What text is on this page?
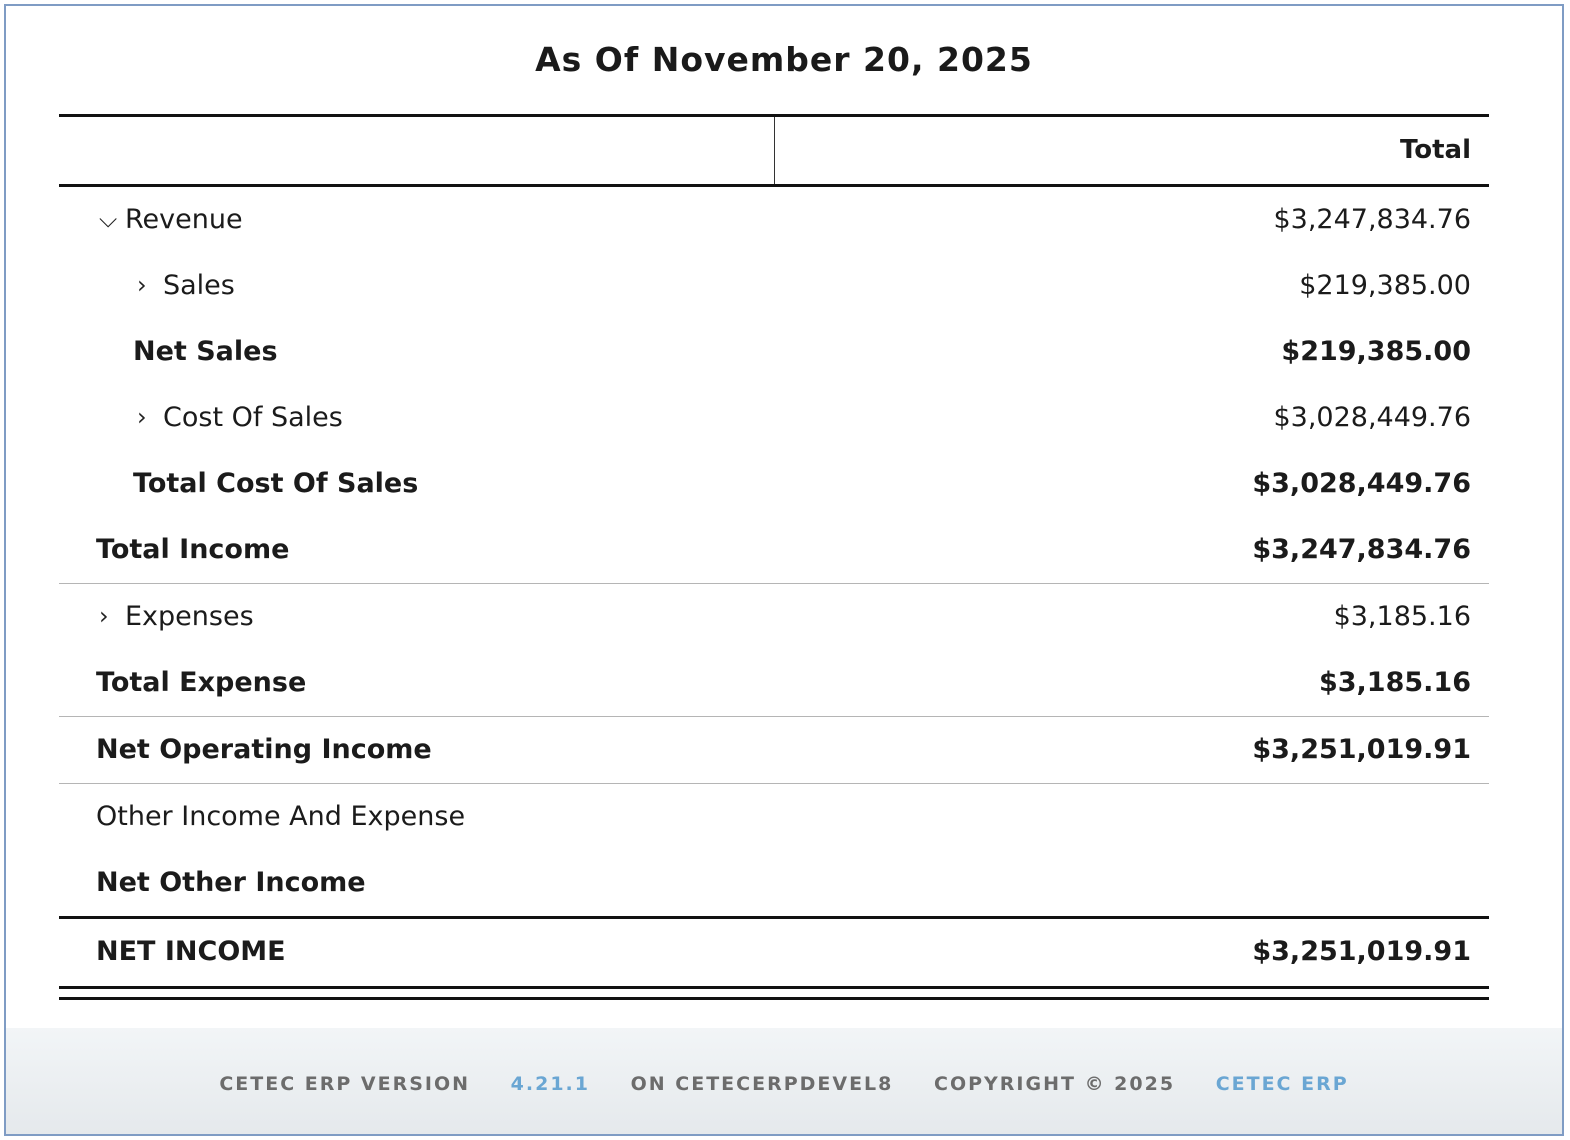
As Of November 20, 2025
Total
⌵ Revenue	$3,247,834.76
› Sales	$219,385.00
Net Sales	$219,385.00
› Cost Of Sales	$3,028,449.76
Total Cost Of Sales	$3,028,449.76
Total Income	$3,247,834.76
› Expenses	$3,185.16
Total Expense	$3,185.16
Net Operating Income	$3,251,019.91
Other Income And Expense
Net Other Income
NET INCOME	$3,251,019.91
CETEC ERP VERSION 4.21.1 ON CETECERPDEVEL8 COPYRIGHT © 2025 CETEC ERP
